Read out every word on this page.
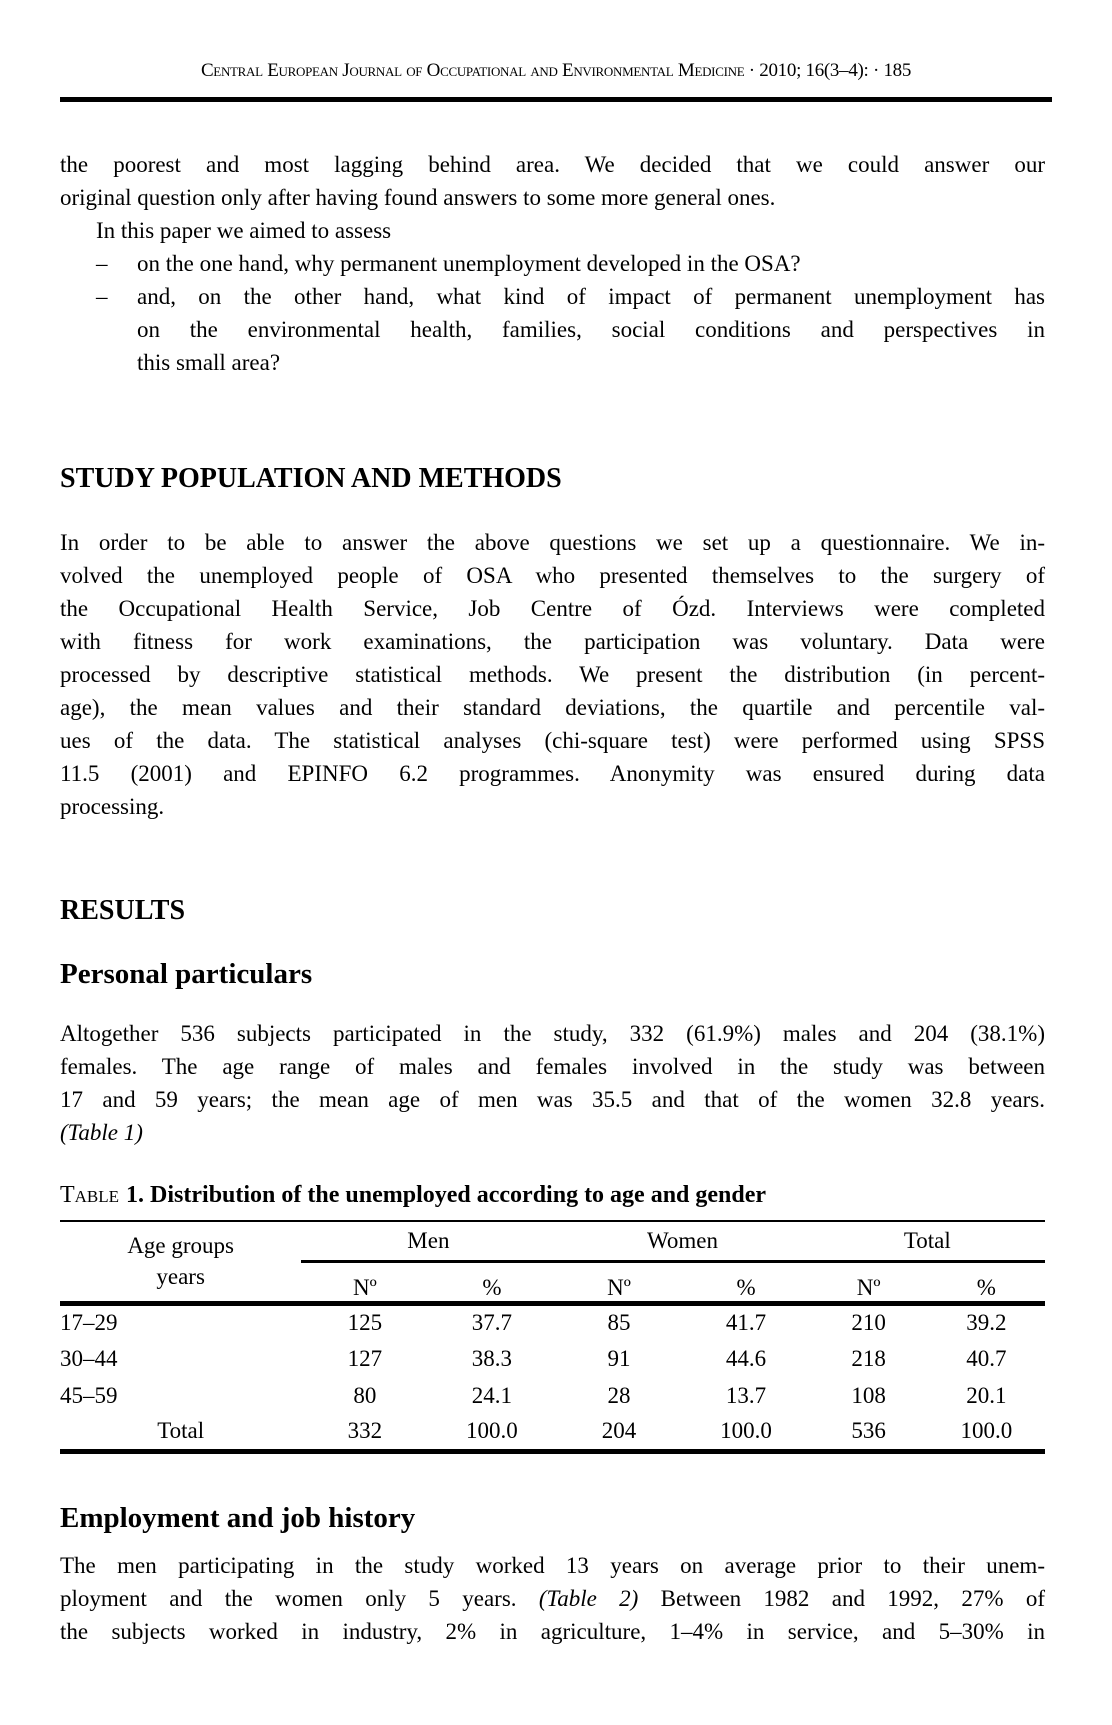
Central European Journal of Occupational and Environmental Medicine · 2010; 16(3–4): · 185
the poorest and most lagging behind area. We decided that we could answer our
original question only after having found answers to some more general ones.
In this paper we aimed to assess
–	on the one hand, why permanent unemployment developed in the OSA?
–	and, on the other hand, what kind of impact of permanent unemployment has
on the environmental health, families, social conditions and perspectives in
this small area?
STUDY POPULATION AND METHODS
In order to be able to answer the above questions we set up a questionnaire. We in-
volved the unemployed people of OSA who presented themselves to the surgery of
the Occupational Health Service, Job Centre of Ózd. Interviews were completed
with fitness for work examinations, the participation was voluntary. Data were
processed by descriptive statistical methods. We present the distribution (in percent-
age), the mean values and their standard deviations, the quartile and percentile val-
ues of the data. The statistical analyses (chi-square test) were performed using SPSS
11.5 (2001) and EPINFO 6.2 programmes. Anonymity was ensured during data
processing.
RESULTS
Personal particulars
Altogether 536 subjects participated in the study, 332 (61.9%) males and 204 (38.1%)
females. The age range of males and females involved in the study was between
17 and 59 years; the mean age of men was 35.5 and that of the women 32.8 years.
(Table 1)
Table 1. Distribution of the unemployed according to age and gender
Age groups
years	Men		Women		Total	
	Nº	%	Nº	%	Nº	%
17–29	125	37.7	85	41.7	210	39.2
30–44	127	38.3	91	44.6	218	40.7
45–59	80	24.1	28	13.7	108	20.1
Total	332	100.0	204	100.0	536	100.0
Employment and job history
The men participating in the study worked 13 years on average prior to their unem-
ployment and the women only 5 years. (Table 2) Between 1982 and 1992, 27% of
the subjects worked in industry, 2% in agriculture, 1–4% in service, and 5–30% in
